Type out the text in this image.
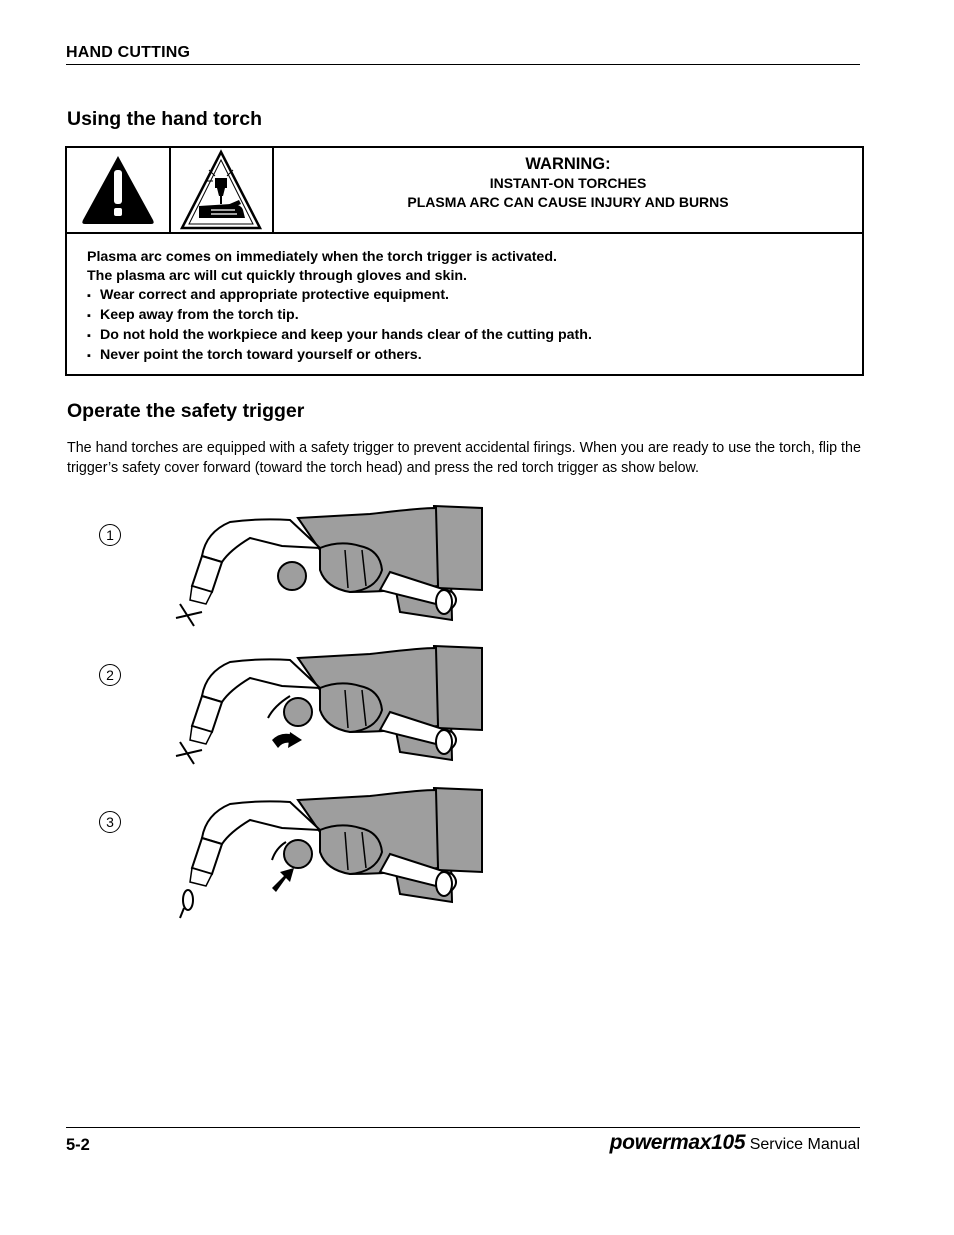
HAND CUTTING
Using the hand torch
WARNING:
INSTANT-ON TORCHES
PLASMA ARC CAN CAUSE INJURY AND BURNS
Plasma arc comes on immediately when the torch trigger is activated.
The plasma arc will cut quickly through gloves and skin.
▪ Wear correct and appropriate protective equipment.
▪ Keep away from the torch tip.
▪ Do not hold the workpiece and keep your hands clear of the cutting path.
▪ Never point the torch toward yourself or others.
Operate the safety trigger
The hand torches are equipped with a safety trigger to prevent accidental firings. When you are ready to use the torch, flip the trigger’s safety cover forward (toward the torch head) and press the red torch trigger as show below.
1
2
3
5-2	powermax105 Service Manual
